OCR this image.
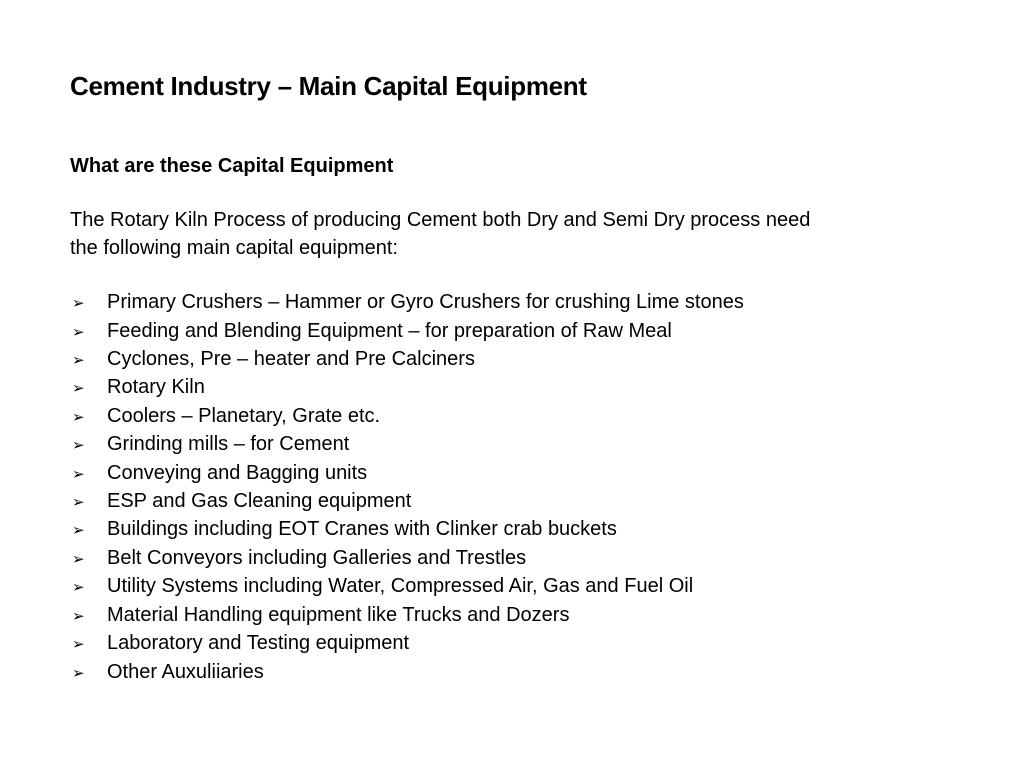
Cement Industry – Main Capital Equipment

What are these Capital Equipment

The Rotary Kiln Process of producing Cement both Dry and Semi Dry process need
the following main capital equipment:

➢	Primary Crushers – Hammer or Gyro Crushers for crushing Lime stones
➢	Feeding and Blending Equipment – for preparation of Raw Meal
➢	Cyclones, Pre – heater and Pre Calciners
➢	Rotary Kiln
➢	Coolers – Planetary, Grate etc.
➢	Grinding mills – for Cement
➢	Conveying and Bagging units
➢	ESP and Gas Cleaning equipment
➢	Buildings including EOT Cranes with Clinker crab buckets
➢	Belt Conveyors including Galleries and Trestles
➢	Utility Systems including Water, Compressed Air, Gas and Fuel Oil
➢	Material Handling equipment like Trucks and Dozers
➢	Laboratory and Testing equipment
➢	Other Auxuliiaries
